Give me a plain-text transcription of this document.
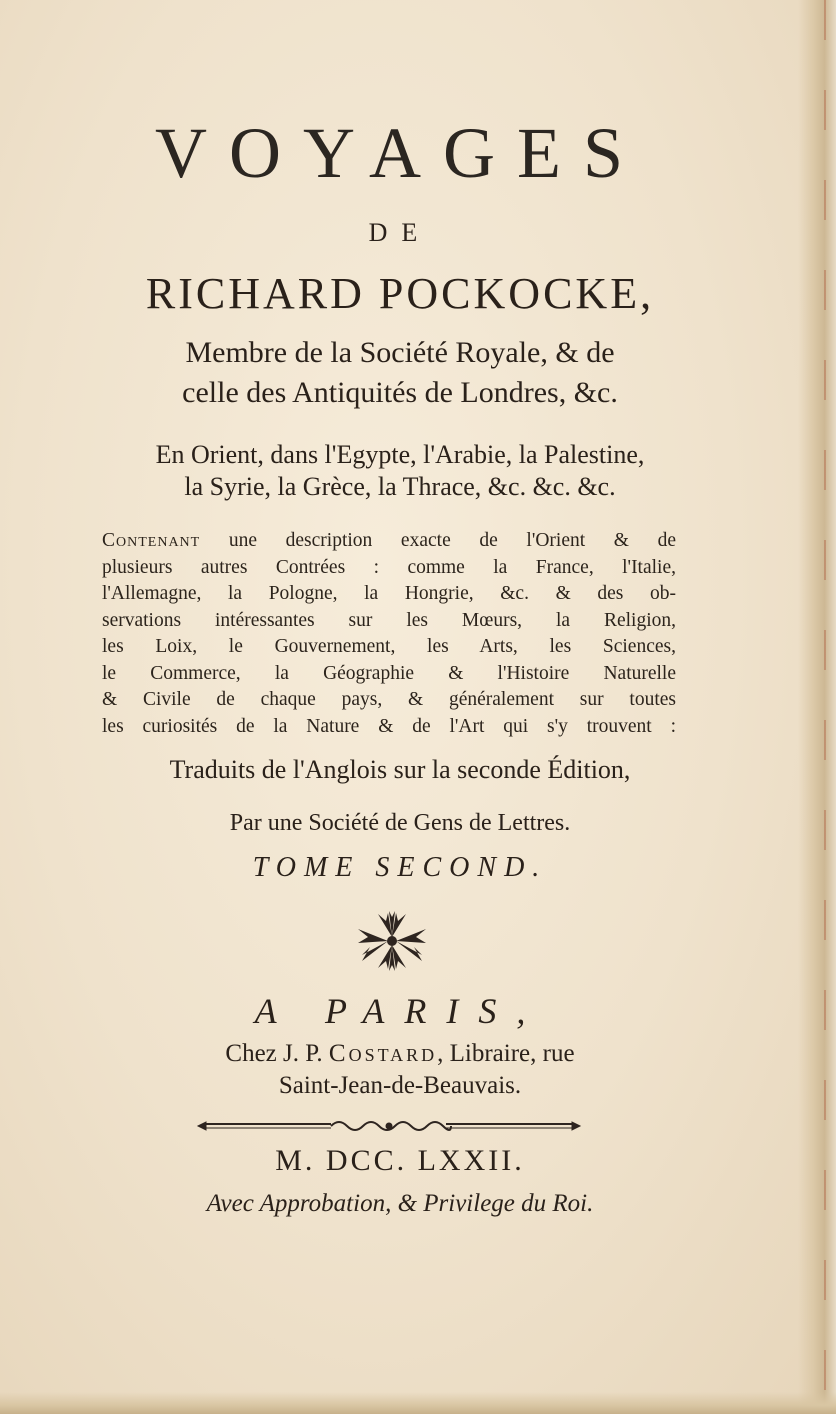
VOYAGES
DE
RICHARD POCKOCKE,
Membre de la Société Royale, & de
celle des Antiquités de Londres, &c.
En Orient, dans l'Egypte, l'Arabie, la Palestine,
la Syrie, la Grèce, la Thrace, &c. &c. &c.
Contenant une description exacte de l'Orient & de
plusieurs autres Contrées : comme la France, l'Italie,
l'Allemagne, la Pologne, la Hongrie, &c. & des ob-
servations intéressantes sur les Mœurs, la Religion,
les Loix, le Gouvernement, les Arts, les Sciences,
le Commerce, la Géographie & l'Histoire Naturelle
& Civile de chaque pays, & généralement sur toutes
les curiosités de la Nature & de l'Art qui s'y trouvent :
Traduits de l'Anglois sur la seconde Édition,
Par une Société de Gens de Lettres.
TOME SECOND.
A PARIS,
Chez J. P. Costard, Libraire, rue
Saint-Jean-de-Beauvais.
M. DCC. LXXII.
Avec Approbation, & Privilege du Roi.
